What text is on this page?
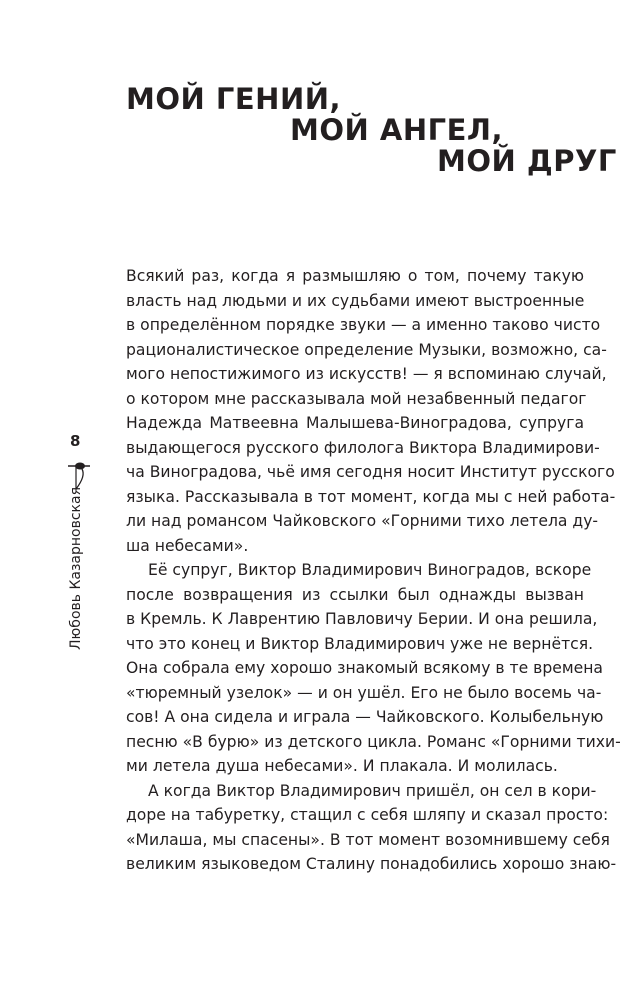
МОЙ ГЕНИЙ,
МОЙ АНГЕЛ,
МОЙ ДРУГ
8
Любовь Казарновская
Всякий раз, когда я размышляю о том, почему такую
власть над людьми и их судьбами имеют выстроенные
в определённом порядке звуки — а именно таково чисто
рационалистическое определение Музыки, возможно, са-
мого непостижимого из искусств! — я вспоминаю случай,
о котором мне рассказывала мой незабвенный педагог
Надежда Матвеевна Малышева-Виноградова, супруга
выдающегося русского филолога Виктора Владимирови-
ча Виноградова, чьё имя сегодня носит Институт русского
языка. Рассказывала в тот момент, когда мы с ней работа-
ли над романсом Чайковского «Горними тихо летела ду-
ша небесами».
Её супруг, Виктор Владимирович Виноградов, вскоре
после возвращения из ссылки был однажды вызван
в Кремль. К Лаврентию Павловичу Берии. И она решила,
что это конец и Виктор Владимирович уже не вернётся.
Она собрала ему хорошо знакомый всякому в те времена
«тюремный узелок» — и он ушёл. Его не было восемь ча-
сов! А она сидела и играла — Чайковского. Колыбельную
песню «В бурю» из детского цикла. Романс «Горними тихи-
ми летела душа небесами». И плакала. И молилась.
А когда Виктор Владимирович пришёл, он сел в кори-
доре на табуретку, стащил с себя шляпу и сказал просто:
«Милаша, мы спасены». В тот момент возомнившему себя
великим языковедом Сталину понадобились хорошо знаю-
